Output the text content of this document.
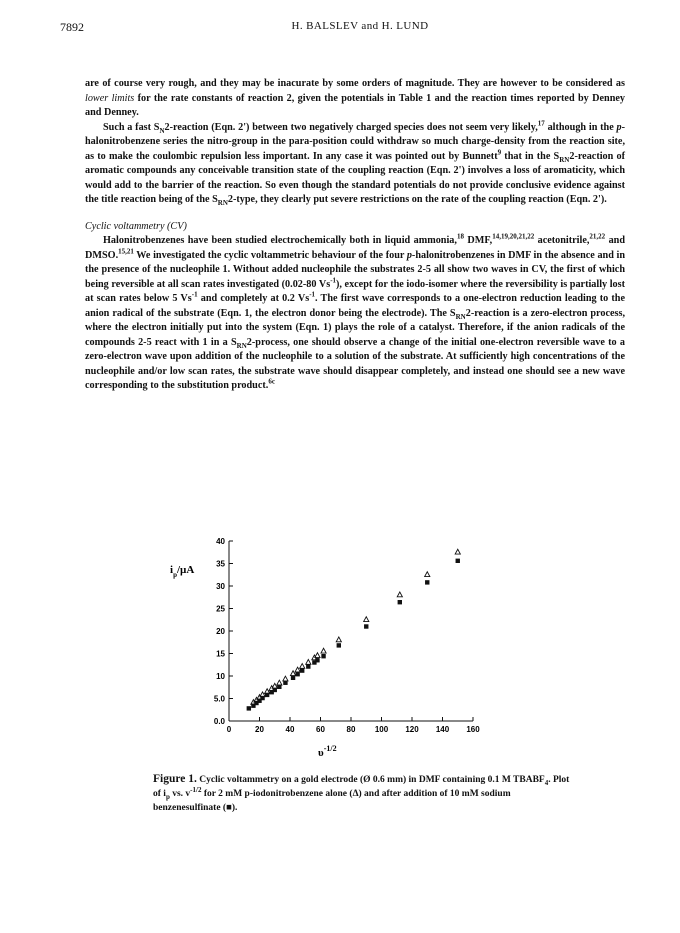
7892	H. BALSLEV and H. LUND

are of course very rough, and they may be inacurate by some orders of magnitude. They are however to be considered as lower limits for the rate constants of reaction 2, given the potentials in Table 1 and the reaction times reported by Denney and Denney.

Such a fast $S_N2$-reaction (Eqn. 2') between two negatively charged species does not seem very likely,$^{17}$ although in the p-halonitrobenzene series the nitro-group in the para-position could withdraw so much charge-density from the reaction site, as to make the coulombic repulsion less important. In any case it was pointed out by Bunnett$^9$ that in the $S_{RN}2$-reaction of aromatic compounds any conceivable transition state of the coupling reaction (Eqn. 2') involves a loss of aromaticity, which would add to the barrier of the reaction. So even though the standard potentials do not provide conclusive evidence against the title reaction being of the $S_{RN}2$-type, they clearly put severe restrictions on the rate of the coupling reaction (Eqn. 2').

Cyclic voltammetry (CV)

Halonitrobenzenes have been studied electrochemically both in liquid ammonia,$^{18}$ DMF,$^{14,19,20,21,22}$ acetonitrile,$^{21,22}$ and DMSO.$^{15,21}$ We investigated the cyclic voltammetric behaviour of the four p-halonitrobenzenes in DMF in the absence and in the presence of the nucleophile 1. Without added nucleophile the substrates 2-5 all show two waves in CV, the first of which being reversible at all scan rates investigated (0.02-80 $Vs^{-1}$), except for the iodo-isomer where the reversibility is partially lost at scan rates below 5 $Vs^{-1}$ and completely at 0.2 $Vs^{-1}$. The first wave corresponds to a one-electron reduction leading to the anion radical of the substrate (Eqn. 1, the electron donor being the electrode). The $S_{RN}2$-reaction is a zero-electron process, where the electron initially put into the system (Eqn. 1) plays the role of a catalyst. Therefore, if the anion radicals of the compounds 2-5 react with 1 in a $S_{RN}2$-process, one should observe a change of the initial one-electron reversible wave to a zero-electron wave upon addition of the nucleophile to a solution of the substrate. At sufficiently high concentrations of the nucleophile and/or low scan rates, the substrate wave should disappear completely, and instead one should see a new wave corresponding to the substitution product.$^{6c}$

$i_p/\mu A$
$\upsilon^{-1/2}$
0.0
5.0
10
15
20
25
30
35
40
0	20	40	60	80 100 120 140 160
Figure 1. Cyclic voltammetry on a gold electrode (Ø 0.6 mm) in DMF containing 0.1 M $TBABF_4$. Plot of $i_p$ vs. $v^{-1/2}$ for 2 mM p-iodonitrobenzene alone (Δ) and after addition of 10 mM sodium benzenesulfinate (■).
